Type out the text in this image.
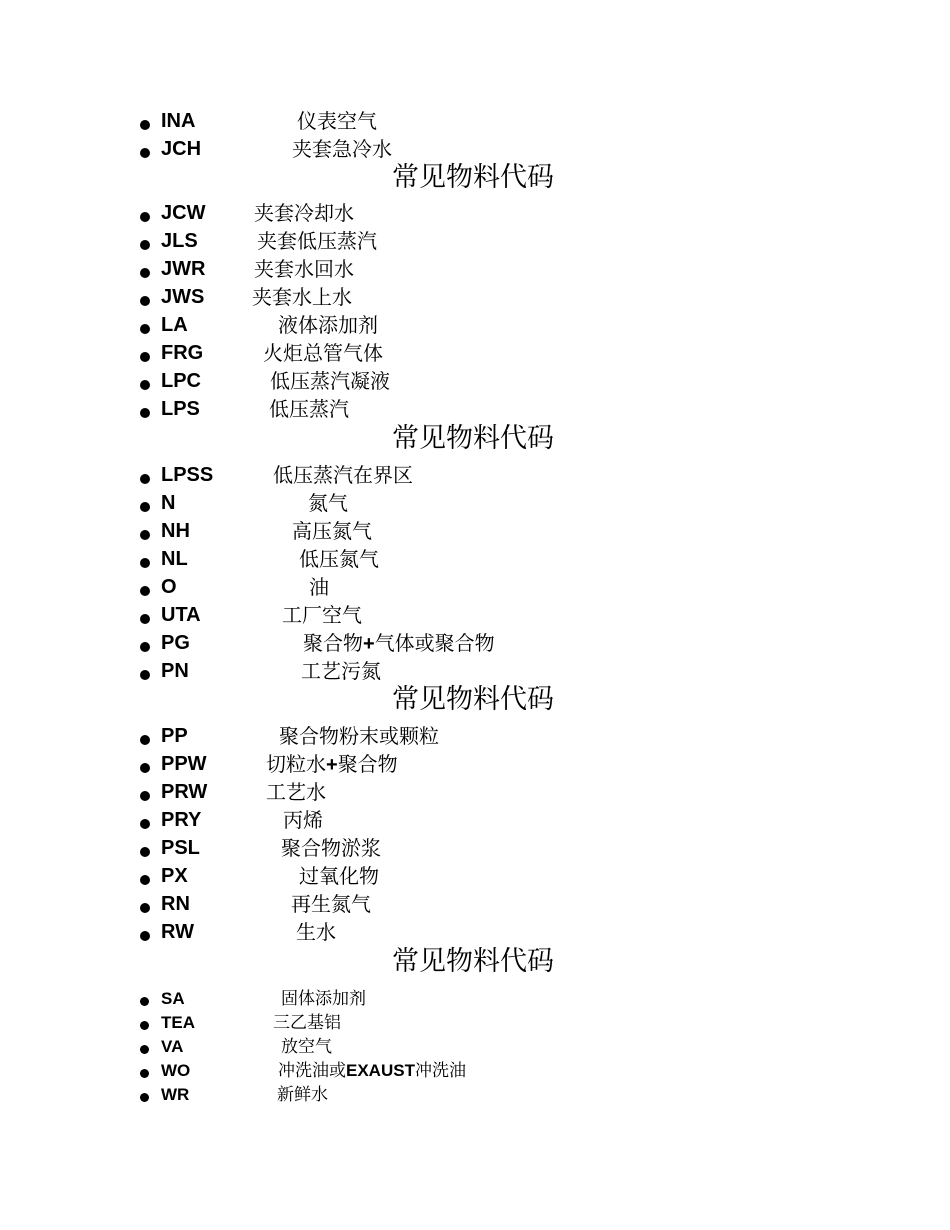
INA	仪表空气
JCH	夹套急冷水
常见物料代码
JCW 夹套冷却水
JLS	夹套低压蒸汽
JWR 夹套水回水
JWS 夹套水上水
LA	液体添加剂
FRG	火炬总管气体
LPC	低压蒸汽凝液
LPS	低压蒸汽
常见物料代码
LPSS	低压蒸汽在界区
N	氮气
NH	高压氮气
NL	低压氮气
O	油
UTA	工厂空气
PG	聚合物+气体或聚合物
PN	工艺污氮
常见物料代码
PP	聚合物粉末或颗粒
PPW	切粒水+聚合物
PRW	工艺水
PRY	丙烯
PSL	聚合物淤浆
PX	过氧化物
RN	再生氮气
RW	生水
常见物料代码
SA	固体添加剂
TEA	三乙基铝
VA	放空气
WO	冲洗油或EXAUST冲洗油
WR	新鲜水
